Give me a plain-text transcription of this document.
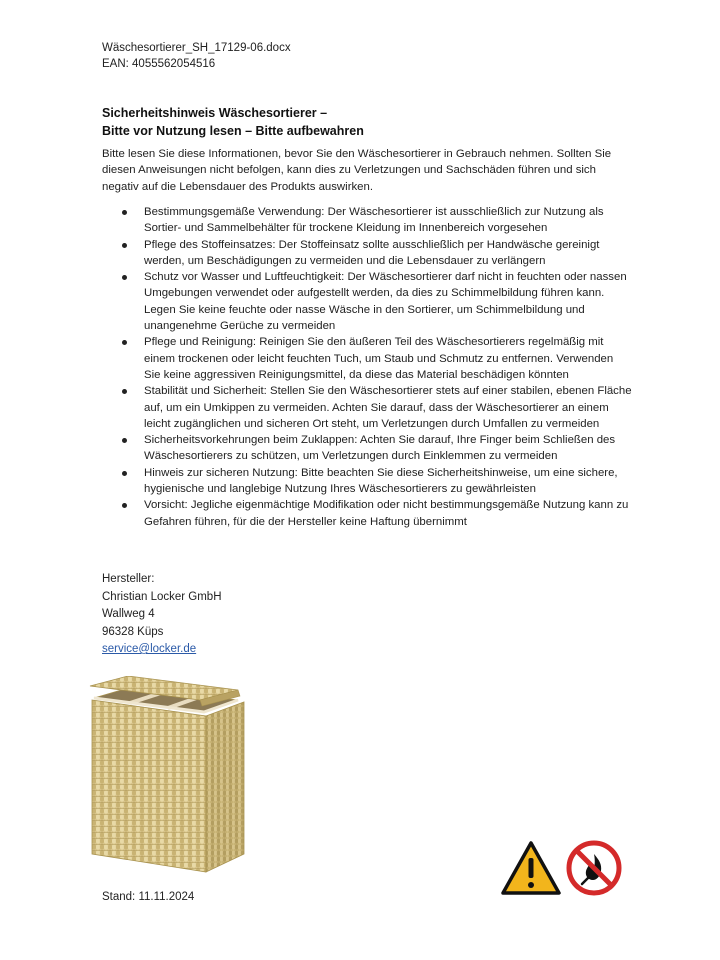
Wäschesortierer_SH_17129-06.docx
EAN: 4055562054516
Sicherheitshinweis Wäschesortierer –
Bitte vor Nutzung lesen – Bitte aufbewahren
Bitte lesen Sie diese Informationen, bevor Sie den Wäschesortierer in Gebrauch nehmen. Sollten Sie diesen Anweisungen nicht befolgen, kann dies zu Verletzungen und Sachschäden führen und sich negativ auf die Lebensdauer des Produkts auswirken.
Bestimmungsgemäße Verwendung: Der Wäschesortierer ist ausschließlich zur Nutzung als Sortier- und Sammelbehälter für trockene Kleidung im Innenbereich vorgesehen
Pflege des Stoffeinsatzes: Der Stoffeinsatz sollte ausschließlich per Handwäsche gereinigt werden, um Beschädigungen zu vermeiden und die Lebensdauer zu verlängern
Schutz vor Wasser und Luftfeuchtigkeit: Der Wäschesortierer darf nicht in feuchten oder nassen Umgebungen verwendet oder aufgestellt werden, da dies zu Schimmelbildung führen kann. Legen Sie keine feuchte oder nasse Wäsche in den Sortierer, um Schimmelbildung und unangenehme Gerüche zu vermeiden
Pflege und Reinigung: Reinigen Sie den äußeren Teil des Wäschesortierers regelmäßig mit einem trockenen oder leicht feuchten Tuch, um Staub und Schmutz zu entfernen. Verwenden Sie keine aggressiven Reinigungsmittel, da diese das Material beschädigen könnten
Stabilität und Sicherheit: Stellen Sie den Wäschesortierer stets auf einer stabilen, ebenen Fläche auf, um ein Umkippen zu vermeiden. Achten Sie darauf, dass der Wäschesortierer an einem leicht zugänglichen und sicheren Ort steht, um Verletzungen durch Umfallen zu vermeiden
Sicherheitsvorkehrungen beim Zuklappen: Achten Sie darauf, Ihre Finger beim Schließen des Wäschesortierers zu schützen, um Verletzungen durch Einklemmen zu vermeiden
Hinweis zur sicheren Nutzung: Bitte beachten Sie diese Sicherheitshinweise, um eine sichere, hygienische und langlebige Nutzung Ihres Wäschesortierers zu gewährleisten
Vorsicht: Jegliche eigenmächtige Modifikation oder nicht bestimmungsgemäße Nutzung kann zu Gefahren führen, für die der Hersteller keine Haftung übernimmt
Hersteller:
Christian Locker GmbH
Wallweg 4
96328 Küps
service@locker.de
Stand: 11.11.2024
